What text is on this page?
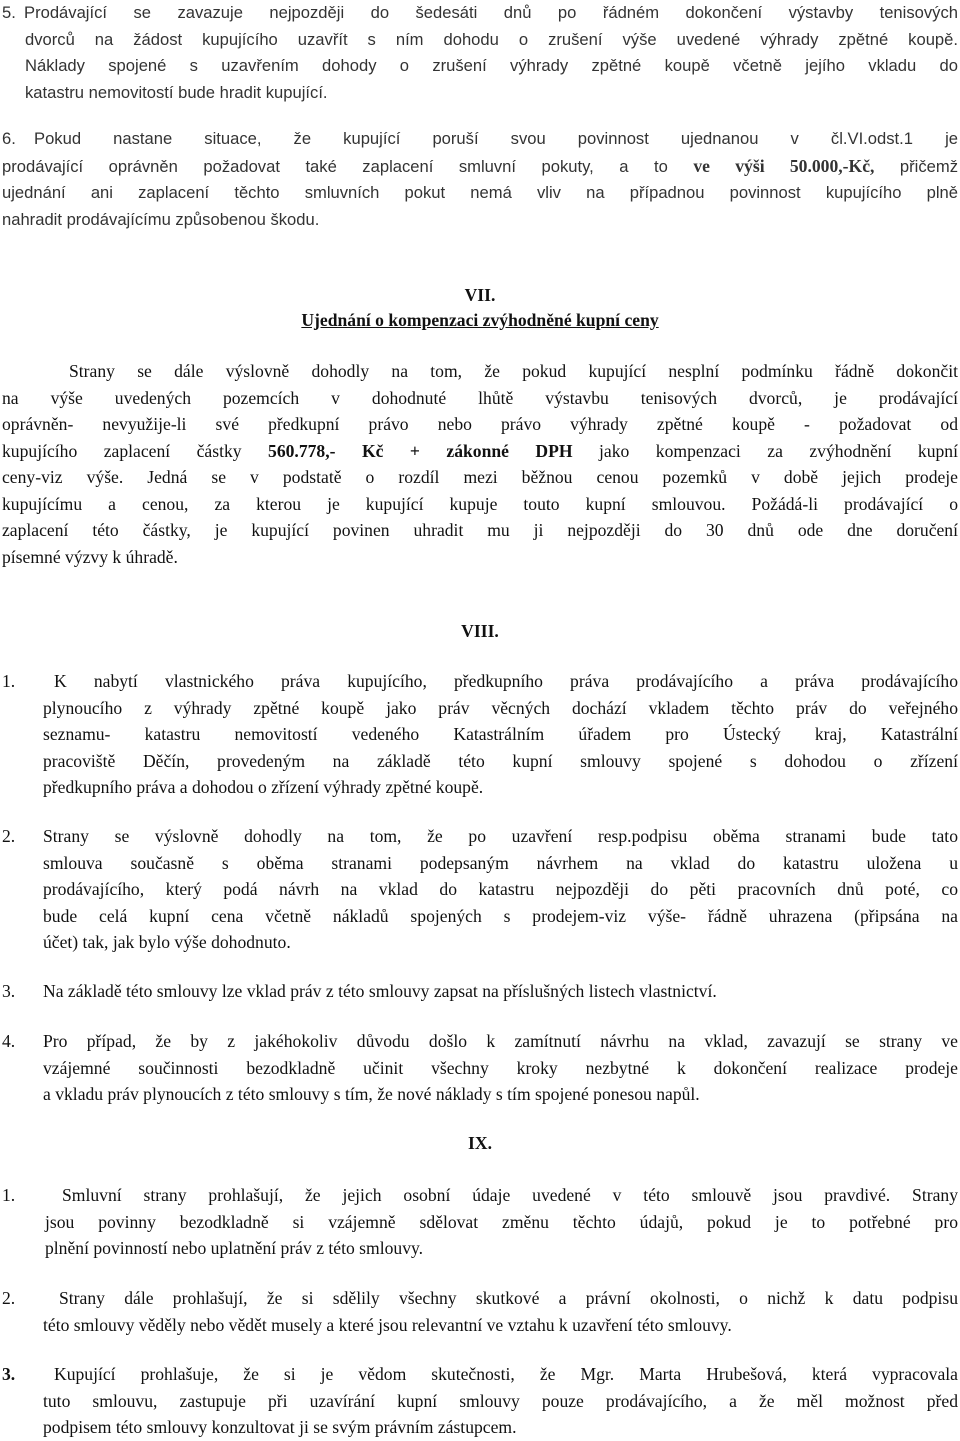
5. Prodávající se zavazuje nejpozději do šedesáti dnů po řádném dokončení výstavby tenisových
dvorců na žádost kupujícího uzavřít s ním dohodu o zrušení výše uvedené výhrady zpětné koupě.
Náklady spojené s uzavřením dohody o zrušení výhrady zpětné koupě včetně jejího vkladu do
katastru nemovitostí bude hradit kupující.
6.	Pokud nastane situace, že kupující poruší svou povinnost ujednanou v čl.VI.odst.1 je
prodávající oprávněn požadovat také zaplacení smluvní pokuty, a to ve výši 50.000,-Kč, přičemž
ujednání ani zaplacení těchto smluvních pokut nemá vliv na případnou povinnost kupujícího plně
nahradit prodávajícímu způsobenou škodu.
VII.
Ujednání o kompenzaci zvýhodněné kupní ceny
Strany se dále výslovně dohodly na tom, že pokud kupující nesplní podmínku řádně dokončit
na výše uvedených pozemcích v dohodnuté lhůtě výstavbu tenisových dvorců, je prodávající
oprávněn- nevyužije-li své předkupní právo nebo právo výhrady zpětné koupě - požadovat od
kupujícího zaplacení částky 560.778,- Kč + zákonné DPH jako kompenzaci za zvýhodnění kupní
ceny-viz výše. Jedná se v podstatě o rozdíl mezi běžnou cenou pozemků v době jejich prodeje
kupujícímu a cenou, za kterou je kupující kupuje touto kupní smlouvou. Požádá-li prodávající o
zaplacení této částky, je kupující povinen uhradit mu ji nejpozději do 30 dnů ode dne doručení
písemné výzvy k úhradě.
VIII.
1.	K nabytí vlastnického práva kupujícího, předkupního práva prodávajícího a práva prodávajícího
plynoucího z výhrady zpětné koupě jako práv věcných dochází vkladem těchto práv do veřejného
seznamu- katastru nemovitostí vedeného Katastrálním úřadem pro Ústecký kraj, Katastrální
pracoviště Děčín, provedeným na základě této kupní smlouvy spojené s dohodou o zřízení
předkupního práva a dohodou o zřízení výhrady zpětné koupě.
2.	Strany se výslovně dohodly na tom, že po uzavření resp.podpisu oběma stranami bude tato
smlouva současně s oběma stranami podepsaným návrhem na vklad do katastru uložena u
prodávajícího, který podá návrh na vklad do katastru nejpozději do pěti pracovních dnů poté, co
bude celá kupní cena včetně nákladů spojených s prodejem-viz výše- řádně uhrazena (připsána na
účet) tak, jak bylo výše dohodnuto.
3.	Na základě této smlouvy lze vklad práv z této smlouvy zapsat na příslušných listech vlastnictví.
4.	Pro případ, že by z jakéhokoliv důvodu došlo k zamítnutí návrhu na vklad, zavazují se strany ve
vzájemné součinnosti bezodkladně učinit všechny kroky nezbytné k dokončení realizace prodeje
a vkladu práv plynoucích z této smlouvy s tím, že nové náklady s tím spojené ponesou napůl.
IX.
1.	Smluvní strany prohlašují, že jejich osobní údaje uvedené v této smlouvě jsou pravdivé. Strany
jsou povinny bezodkladně si vzájemně sdělovat změnu těchto údajů, pokud je to potřebné pro
plnění povinností nebo uplatnění práv z této smlouvy.
2.	Strany dále prohlašují, že si sdělily všechny skutkové a právní okolnosti, o nichž k datu podpisu
této smlouvy věděly nebo vědět musely a které jsou relevantní ve vztahu k uzavření této smlouvy.
3.	Kupující prohlašuje, že si je vědom skutečnosti, že Mgr. Marta Hrubešová, která vypracovala
tuto smlouvu, zastupuje při uzavírání kupní smlouvy pouze prodávajícího, a že měl možnost před
podpisem této smlouvy konzultovat ji se svým právním zástupcem.
